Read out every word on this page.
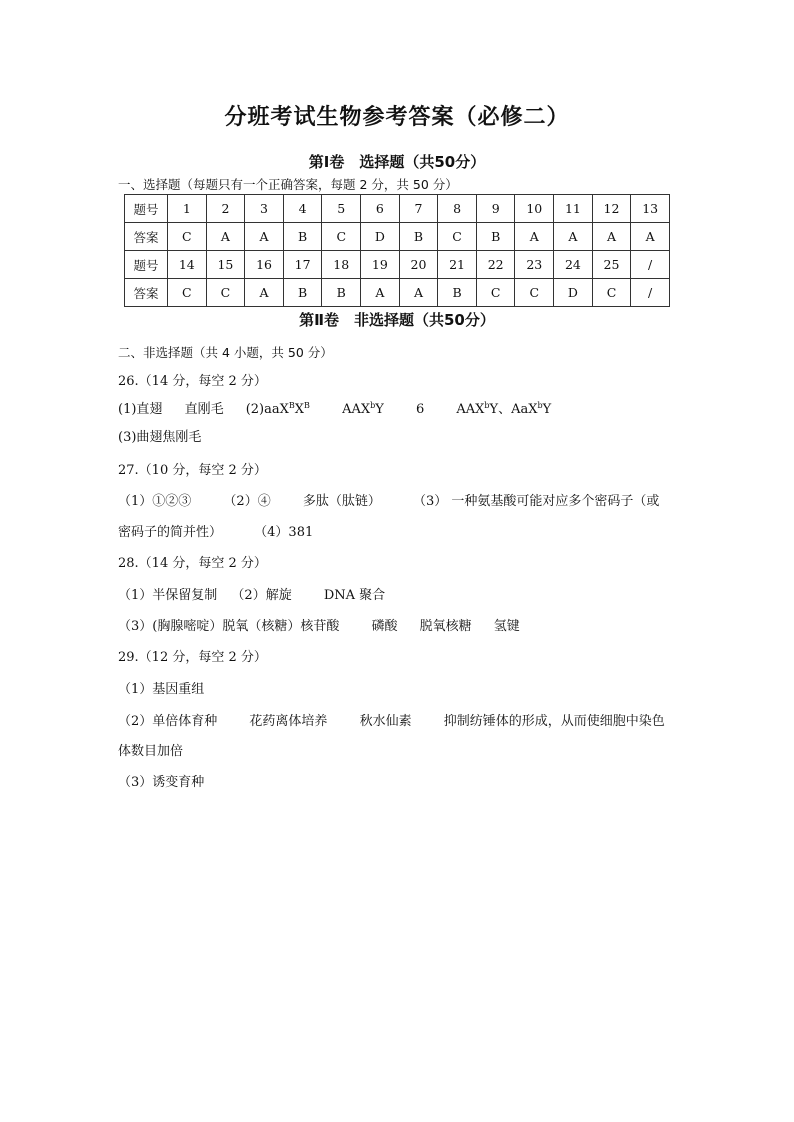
分班考试生物参考答案（必修二）
第Ⅰ卷　选择题（共50分）
一、选择题（每题只有一个正确答案，每题 2 分，共 50 分）
题号	1	2	3	4	5	6	7	8	9	10	11	12	13
答案	C	A	A	B	C	D	B	C	B	A	A	A	A
题号	14	15	16	17	18	19	20	21	22	23	24	25	/
答案	C	C	A	B	B	A	A	B	C	C	D	C	/
第Ⅱ卷　非选择题（共50分）
二、非选择题（共 4 小题，共 50 分）
26.（14 分，每空 2 分）
(1)直翅 直刚毛 $(2)aaX^BX^B$ AAX$^b$Y 6 AAX$^b$Y、AaX$^b$Y
(3)曲翅焦刚毛
27.（10 分，每空 2 分）
（1）①②③ （2）④ 多肽（肽链） （3） 一种氨基酸可能对应多个密码子（或
密码子的简并性） （4）381
28.（14 分，每空 2 分）
（1）半保留复制 （2）解旋 DNA 聚合
（3）(胸腺嘧啶）脱氧（核糖）核苷酸 磷酸 脱氧核糖 氢键
29.（12 分，每空 2 分）
（1）基因重组
（2）单倍体育种 花药离体培养 秋水仙素 抑制纺锤体的形成，从而使细胞中染色
体数目加倍
（3）诱变育种
